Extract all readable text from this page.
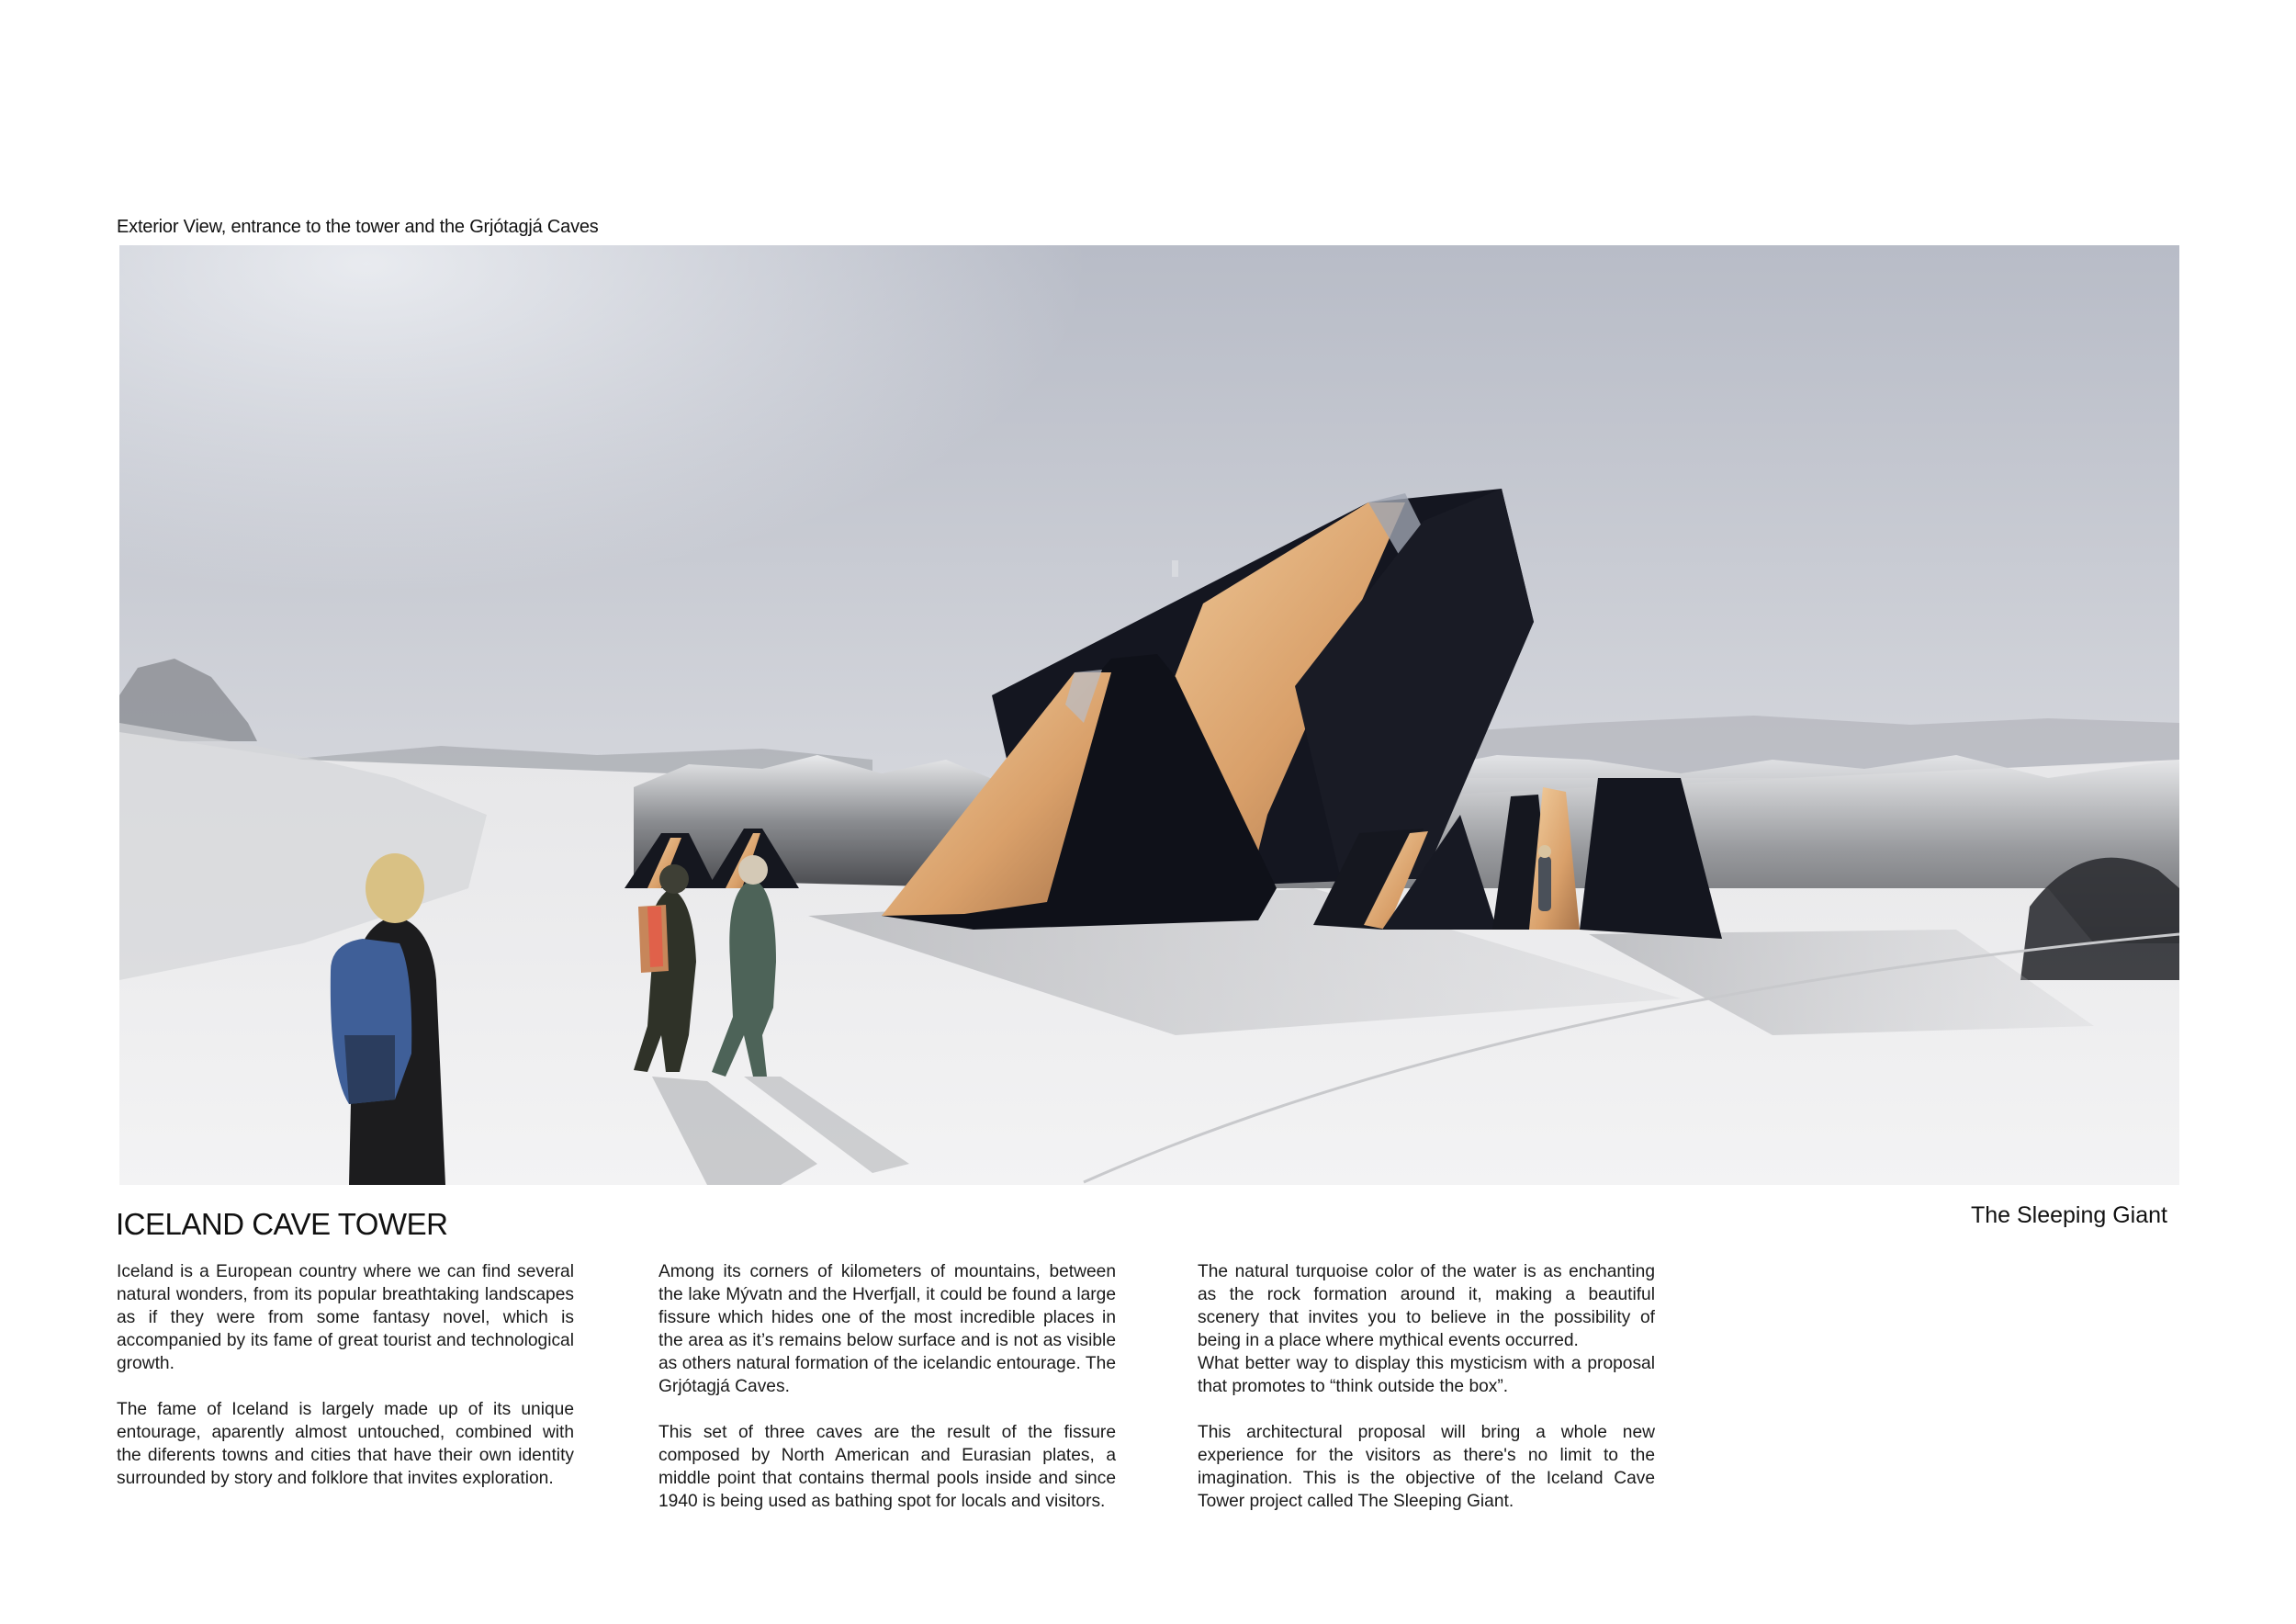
Exterior View, entrance to the tower and the Grjótagjá Caves
ICELAND CAVE TOWER	The Sleeping Giant

Iceland is a European country where we can find several natural wonders, from its popular breathtaking landscapes as if they were from some fantasy novel, which is accompanied by its fame of great tourist and technological growth.

The fame of Iceland is largely made up of its unique entourage, aparently almost untouched, combined with the diferents towns and cities that have their own identity surrounded by story and folklore that invites exploration.

Among its corners of kilometers of mountains, between the lake Mývatn and the Hverfjall, it could be found a large fissure which hides one of the most incredible places in the area as it’s remains below surface and is not as visible as others natural formation of the icelandic entourage. The Grjótagjá Caves.

This set of three caves are the result of the fissure composed by North American and Eurasian plates, a middle point that contains thermal pools inside and since 1940 is being used as bathing spot for locals and visitors.

The natural turquoise color of the water is as enchanting as the rock formation around it, making a beautiful scenery that invites you to believe in the possibility of being in a place where mythical events occurred.

What better way to display this mysticism with a proposal that promotes to “think outside the box”.

This architectural proposal will bring a whole new experience for the visitors as there's no limit to the imagination. This is the objective of the Iceland Cave Tower project called The Sleeping Giant.
